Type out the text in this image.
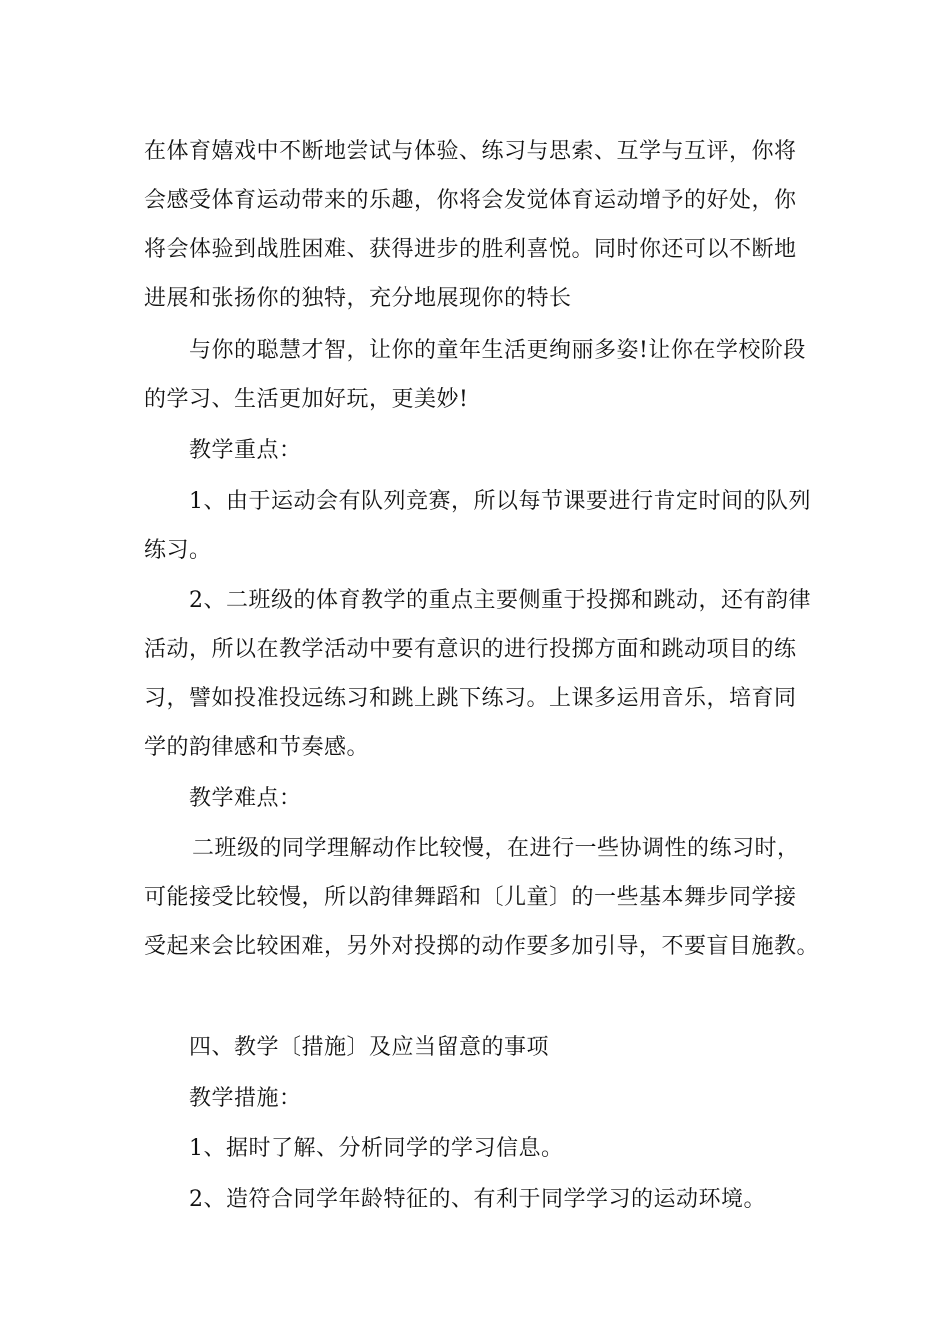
在体育嬉戏中不断地尝试与体验、练习与思索、互学与互评，你将
会感受体育运动带来的乐趣，你将会发觉体育运动增予的好处，你
将会体验到战胜困难、获得进步的胜利喜悦。同时你还可以不断地
进展和张扬你的独特，充分地展现你的特长
与你的聪慧才智，让你的童年生活更绚丽多姿!让你在学校阶段
的学习、生活更加好玩，更美妙!
教学重点：
1、由于运动会有队列竞赛，所以每节课要进行肯定时间的队列
练习。
2、二班级的体育教学的重点主要侧重于投掷和跳动，还有韵律
活动，所以在教学活动中要有意识的进行投掷方面和跳动项目的练
习，譬如投准投远练习和跳上跳下练习。上课多运用音乐，培育同
学的韵律感和节奏感。
教学难点：
二班级的同学理解动作比较慢，在进行一些协调性的练习时，
可能接受比较慢，所以韵律舞蹈和〔儿童〕的一些基本舞步同学接
受起来会比较困难，另外对投掷的动作要多加引导，不要盲目施教。
四、教学〔措施〕及应当留意的事项
教学措施：
1、据时了解、分析同学的学习信息。
2、造符合同学年龄特征的、有利于同学学习的运动环境。
